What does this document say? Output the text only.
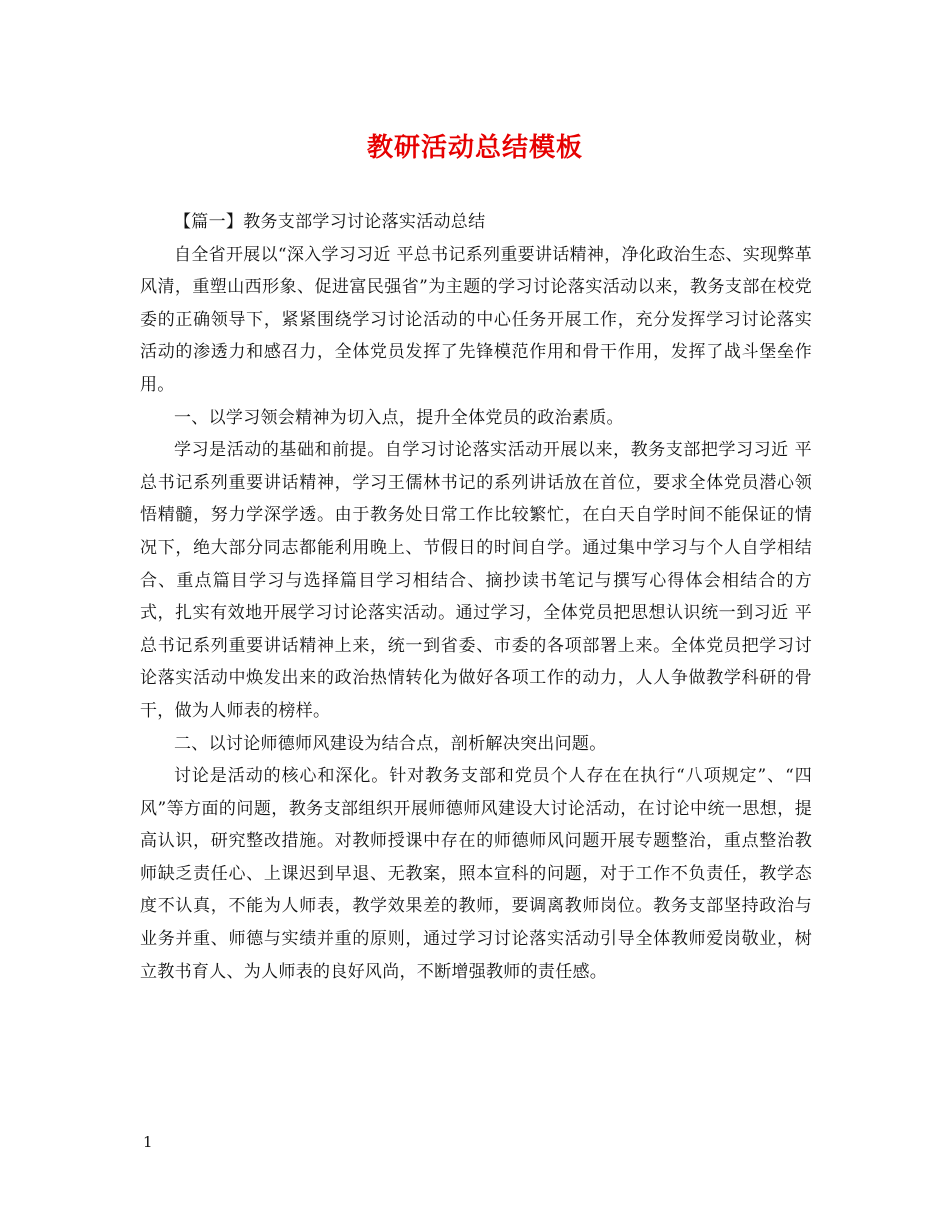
教研活动总结模板

【篇一】教务支部学习讨论落实活动总结

自全省开展以“深入学习习近 平总书记系列重要讲话精神，净化政治生态、实现弊革风清，重塑山西形象、促进富民强省”为主题的学习讨论落实活动以来，教务支部在校党委的正确领导下，紧紧围绕学习讨论活动的中心任务开展工作，充分发挥学习讨论落实活动的渗透力和感召力，全体党员发挥了先锋模范作用和骨干作用，发挥了战斗堡垒作用。

一、以学习领会精神为切入点，提升全体党员的政治素质。

学习是活动的基础和前提。自学习讨论落实活动开展以来，教务支部把学习习近 平总书记系列重要讲话精神，学习王儒林书记的系列讲话放在首位，要求全体党员潜心领悟精髓，努力学深学透。由于教务处日常工作比较繁忙，在白天自学时间不能保证的情况下，绝大部分同志都能利用晚上、节假日的时间自学。通过集中学习与个人自学相结合、重点篇目学习与选择篇目学习相结合、摘抄读书笔记与撰写心得体会相结合的方式，扎实有效地开展学习讨论落实活动。通过学习，全体党员把思想认识统一到习近 平总书记系列重要讲话精神上来，统一到省委、市委的各项部署上来。全体党员把学习讨论落实活动中焕发出来的政治热情转化为做好各项工作的动力，人人争做教学科研的骨干，做为人师表的榜样。

二、以讨论师德师风建设为结合点，剖析解决突出问题。

讨论是活动的核心和深化。针对教务支部和党员个人存在在执行“八项规定”、“四风”等方面的问题，教务支部组织开展师德师风建设大讨论活动，在讨论中统一思想，提高认识，研究整改措施。对教师授课中存在的师德师风问题开展专题整治，重点整治教师缺乏责任心、上课迟到早退、无教案，照本宣科的问题，对于工作不负责任，教学态度不认真，不能为人师表，教学效果差的教师，要调离教师岗位。教务支部坚持政治与业务并重、师德与实绩并重的原则，通过学习讨论落实活动引导全体教师爱岗敬业，树立教书育人、为人师表的良好风尚，不断增强教师的责任感。

1
